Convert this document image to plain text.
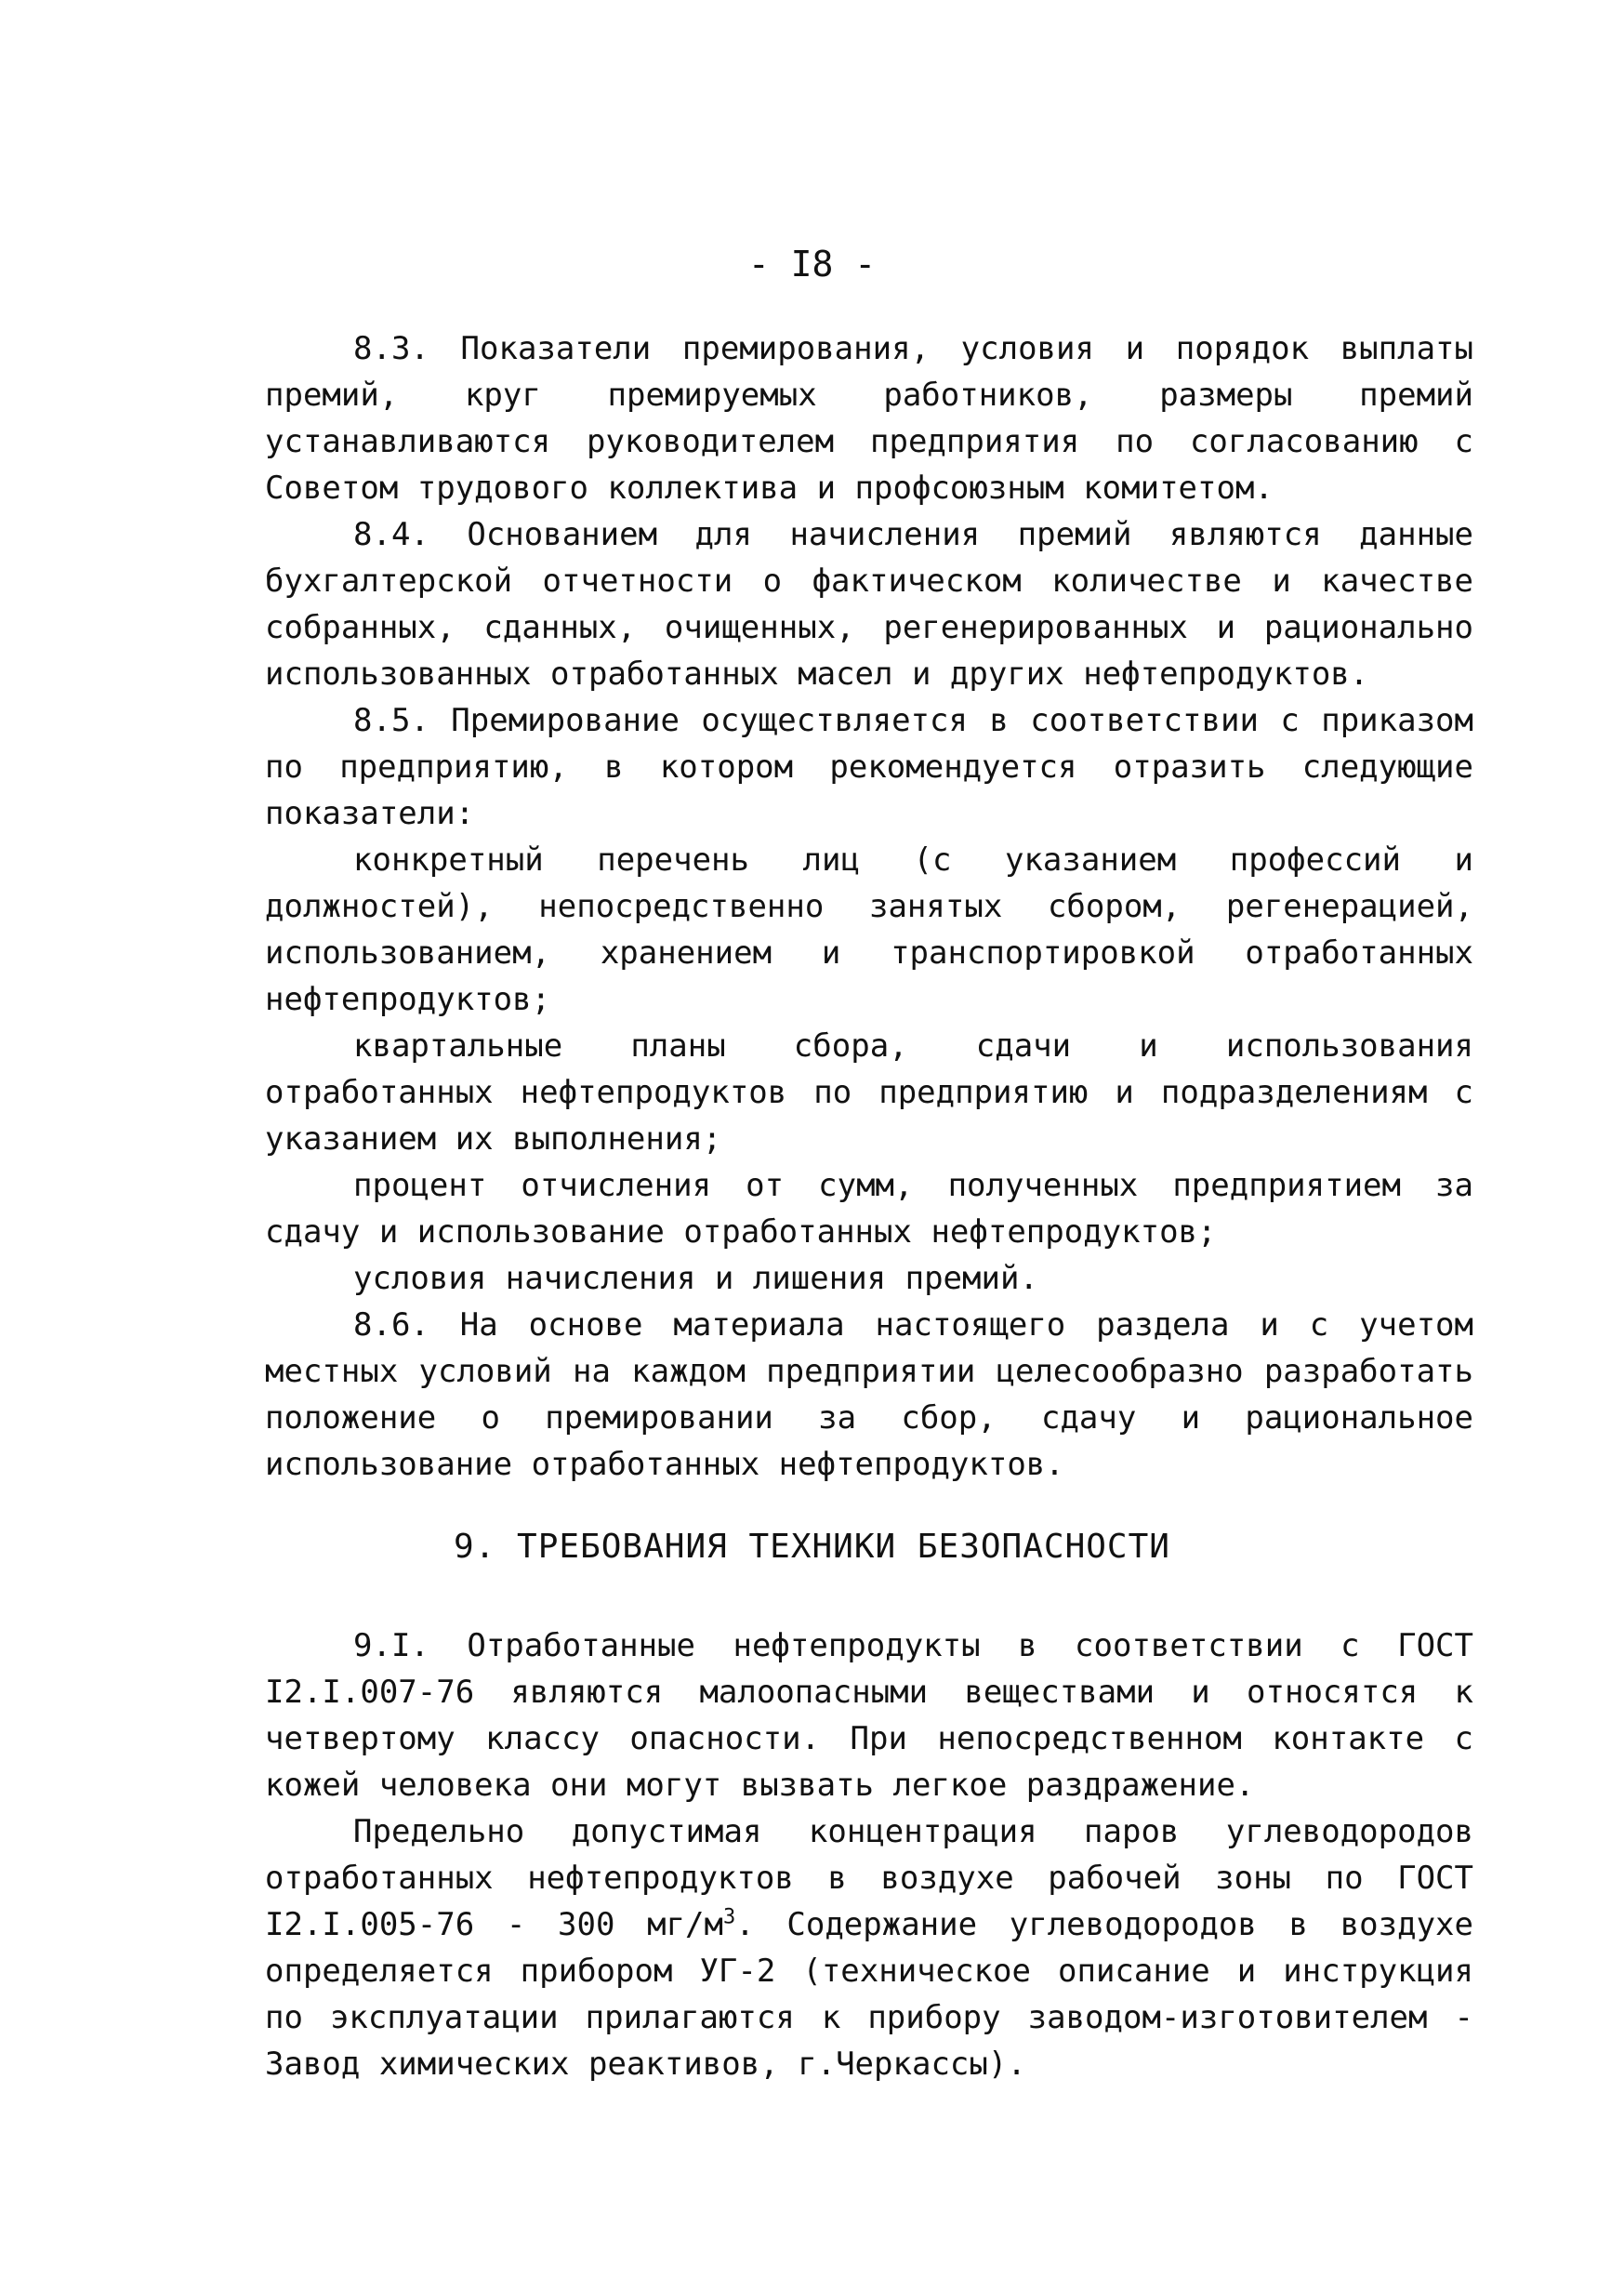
- I8 -

8.3. Показатели премирования, условия и порядок выплаты премий, круг премируемых работников, размеры премий устанавливаются руководителем предприятия по согласованию с Советом трудового коллектива и профсоюзным комитетом.

8.4. Основанием для начисления премий являются данные бухгалтерской отчетности о фактическом количестве и качестве собранных, сданных, очищенных, регенерированных и рационально использованных отработанных масел и других нефтепродуктов.

8.5. Премирование осуществляется в соответствии с приказом по предприятию, в котором рекомендуется отразить следующие показатели:

конкретный перечень лиц (с указанием профессий и должностей), непосредственно занятых сбором, регенерацией, использованием, хранением и транспортировкой отработанных нефтепродуктов;

квартальные планы сбора, сдачи и использования отработанных нефтепродуктов по предприятию и подразделениям с указанием их выполнения;

процент отчисления от сумм, полученных предприятием за сдачу и использование отработанных нефтепродуктов;

условия начисления и лишения премий.

8.6. На основе материала настоящего раздела и с учетом местных условий на каждом предприятии целесообразно разработать положение о премировании за сбор, сдачу и рациональное использование отработанных нефтепродуктов.

9. ТРЕБОВАНИЯ ТЕХНИКИ БЕЗОПАСНОСТИ

9.I. Отработанные нефтепродукты в соответствии с ГОСТ I2.I.007-76 являются малоопасными веществами и относятся к четвертому классу опасности. При непосредственном контакте с кожей человека они могут вызвать легкое раздражение.

Предельно допустимая концентрация паров углеводородов отработанных нефтепродуктов в воздухе рабочей зоны по ГОСТ I2.I.005-76 - 300 $мг/м^3$. Содержание углеводородов в воздухе определяется прибором УГ-2 (техническое описание и инструкция по эксплуатации прилагаются к прибору заводом-изготовителем - Завод химических реактивов, г.Черкассы).
